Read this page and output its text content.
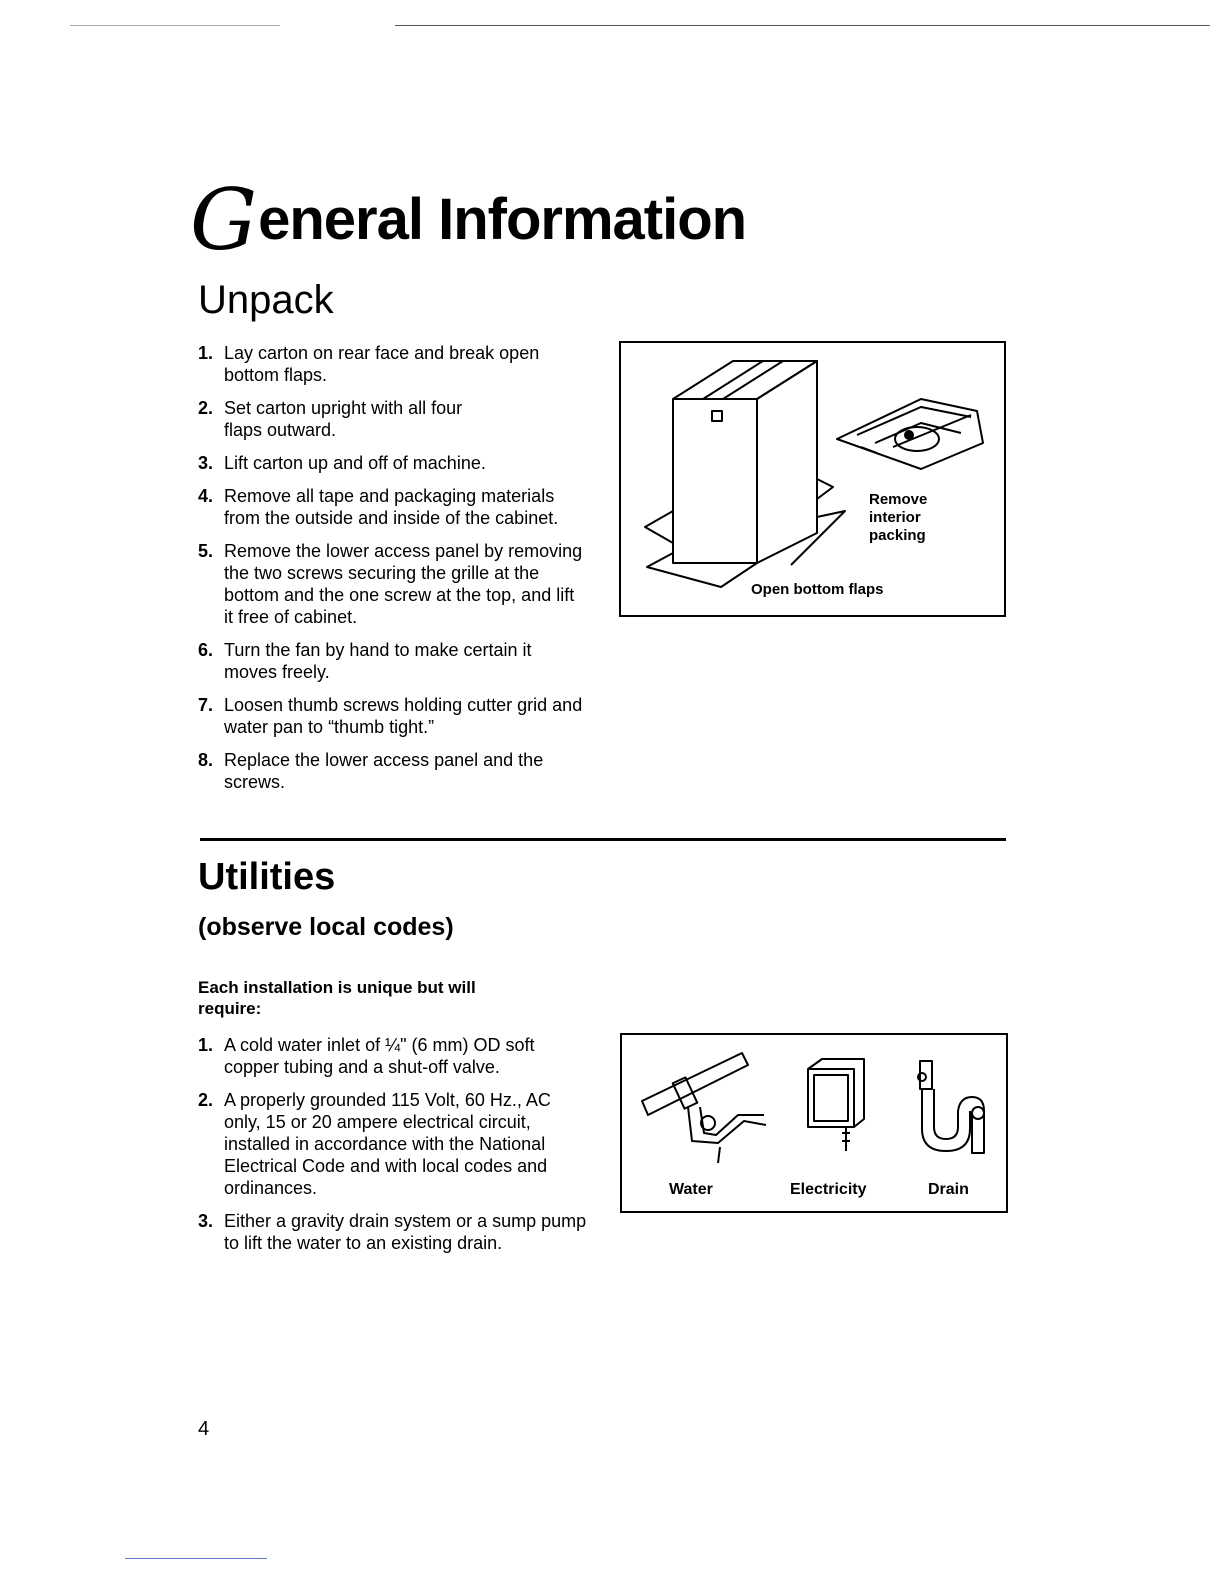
General Information
Unpack
1. Lay carton on rear face and break open bottom flaps.
2. Set carton upright with all four flaps outward.
3. Lift carton up and off of machine.
4. Remove all tape and packaging materials from the outside and inside of the cabinet.
5. Remove the lower access panel by removing the two screws securing the grille at the bottom and the one screw at the top, and lift it free of cabinet.
6. Turn the fan by hand to make certain it moves freely.
7. Loosen thumb screws holding cutter grid and water pan to “thumb tight.”
8. Replace the lower access panel and the screws.
Remove
interior
packing
Open bottom flaps
Utilities
(observe local codes)
Each installation is unique but will require:
1. A cold water inlet of ¼" (6 mm) OD soft copper tubing and a shut-off valve.
2. A properly grounded 115 Volt, 60 Hz., AC only, 15 or 20 ampere electrical circuit, installed in accordance with the National Electrical Code and with local codes and ordinances.
3. Either a gravity drain system or a sump pump to lift the water to an existing drain.
Water	Electricity	Drain
4
